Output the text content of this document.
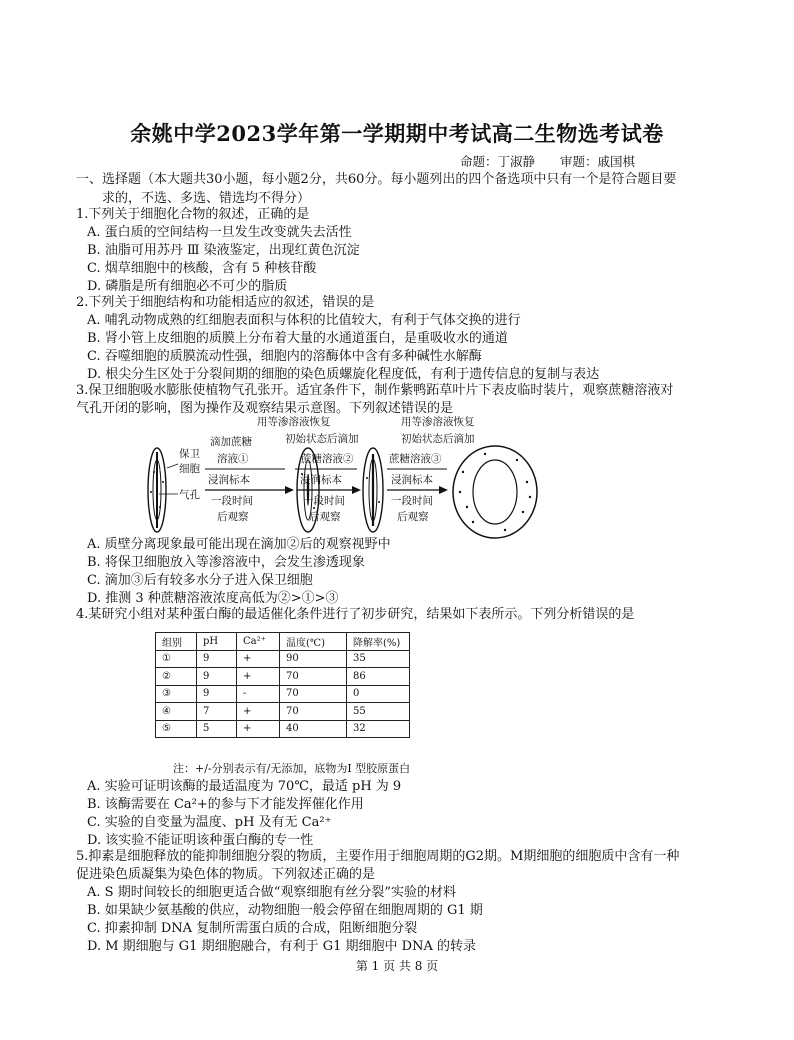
余姚中学2023学年第一学期期中考试高二生物选考试卷
命题：丁淑静　　审题：戚国棋
一、选择题（本大题共30小题，每小题2分，共60分。每小题列出的四个备选项中只有一个是符合题目要
求的，不选、多选、错选均不得分）
1.下列关于细胞化合物的叙述，正确的是
A. 蛋白质的空间结构一旦发生改变就失去活性
B. 油脂可用苏丹 Ⅲ 染液鉴定，出现红黄色沉淀
C. 烟草细胞中的核酸，含有 5 种核苷酸
D. 磷脂是所有细胞必不可少的脂质
2.下列关于细胞结构和功能相适应的叙述，错误的是
A. 哺乳动物成熟的红细胞表面积与体积的比值较大，有利于气体交换的进行
B. 肾小管上皮细胞的质膜上分布着大量的水通道蛋白，是重吸收水的通道
C. 吞噬细胞的质膜流动性强，细胞内的溶酶体中含有多种碱性水解酶
D. 根尖分生区处于分裂间期的细胞的染色质螺旋化程度低，有利于遗传信息的复制与表达
3.保卫细胞吸水膨胀使植物气孔张开。适宜条件下，制作紫鸭跖草叶片下表皮临时装片，观察蔗糖溶液对
气孔开闭的影响，图为操作及观察结果示意图。下列叙述错误的是
保卫
细胞
气孔
滴加蔗糖
溶液①
浸润标本
一段时间
后观察
用等渗溶液恢复
初始状态后滴加
蔗糖溶液②
浸润标本
一段时间
后观察
用等渗溶液恢复
初始状态后滴加
蔗糖溶液③
浸润标本
一段时间
后观察
A. 质壁分离现象最可能出现在滴加②后的观察视野中
B. 将保卫细胞放入等渗溶液中，会发生渗透现象
C. 滴加③后有较多水分子进入保卫细胞
D. 推测 3 种蔗糖溶液浓度高低为②>①>③
4.某研究小组对某种蛋白酶的最适催化条件进行了初步研究，结果如下表所示。下列分析错误的是
组别	pH	Ca²⁺	温度(℃)	降解率(%)
①	9	+	90	35
②	9	+	70	86
③	9	-	70	0
④	7	+	70	55
⑤	5	+	40	32
注：+/-分别表示有/无添加，底物为Ⅰ 型胶原蛋白
A. 实验可证明该酶的最适温度为 70℃，最适 pH 为 9
B. 该酶需要在 Ca²+的参与下才能发挥催化作用
C. 实验的自变量为温度、pH 及有无 Ca²⁺
D. 该实验不能证明该种蛋白酶的专一性
5.抑素是细胞释放的能抑制细胞分裂的物质，主要作用于细胞周期的G2期。M期细胞的细胞质中含有一种
促进染色质凝集为染色体的物质。下列叙述正确的是
A. S 期时间较长的细胞更适合做“观察细胞有丝分裂”实验的材料
B. 如果缺少氨基酸的供应，动物细胞一般会停留在细胞周期的 G1 期
C. 抑素抑制 DNA 复制所需蛋白质的合成，阻断细胞分裂
D. M 期细胞与 G1 期细胞融合，有利于 G1 期细胞中 DNA 的转录
第 1 页 共 8 页
